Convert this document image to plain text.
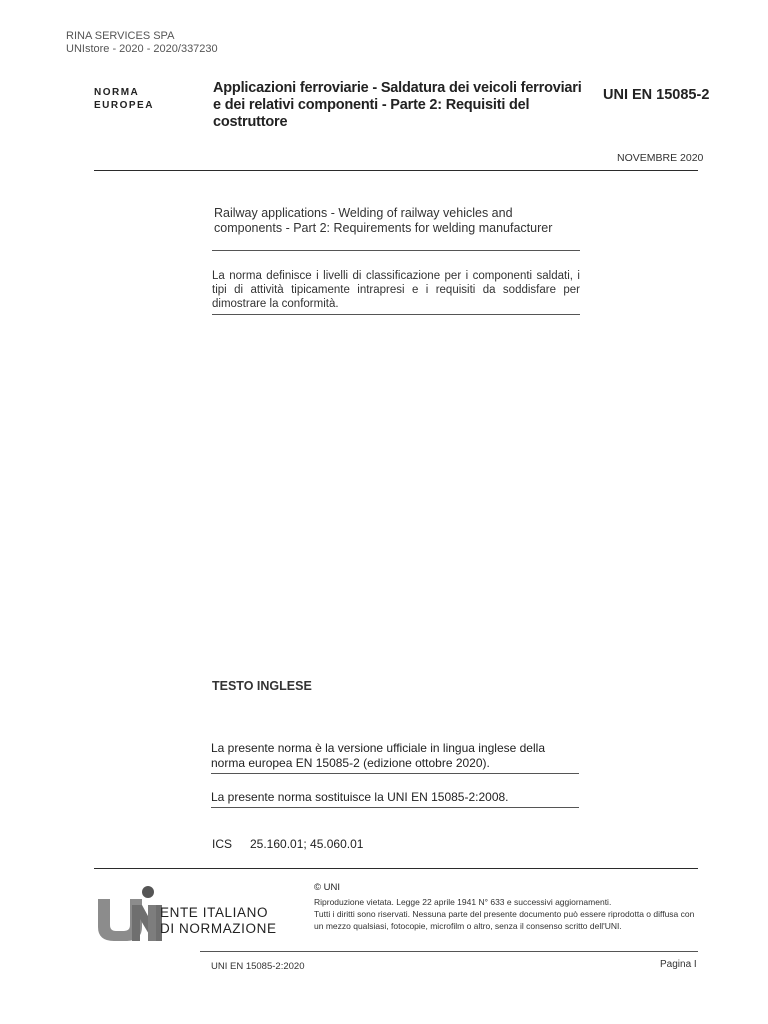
RINA SERVICES SPA
UNIstore - 2020 - 2020/337230
NORMA
EUROPEA
Applicazioni ferroviarie - Saldatura dei veicoli ferroviari e dei relativi componenti - Parte 2: Requisiti del costruttore
UNI EN 15085-2
NOVEMBRE 2020
Railway applications - Welding of railway vehicles and components - Part 2: Requirements for welding manufacturer
La norma definisce i livelli di classificazione per i componenti saldati, i tipi di attività tipicamente intrapresi e i requisiti da soddisfare per dimostrare la conformità.
TESTO INGLESE
La presente norma è la versione ufficiale in lingua inglese della norma europea EN 15085-2 (edizione ottobre 2020).
La presente norma sostituisce la UNI EN 15085-2:2008.
ICS 25.160.01; 45.060.01
ENTE ITALIANO
DI NORMAZIONE
© UNI
Riproduzione vietata. Legge 22 aprile 1941 N° 633 e successivi aggiornamenti.
Tutti i diritti sono riservati. Nessuna parte del presente documento può essere riprodotta o diffusa con un mezzo qualsiasi, fotocopie, microfilm o altro, senza il consenso scritto dell'UNI.
UNI EN 15085-2:2020	Pagina I
